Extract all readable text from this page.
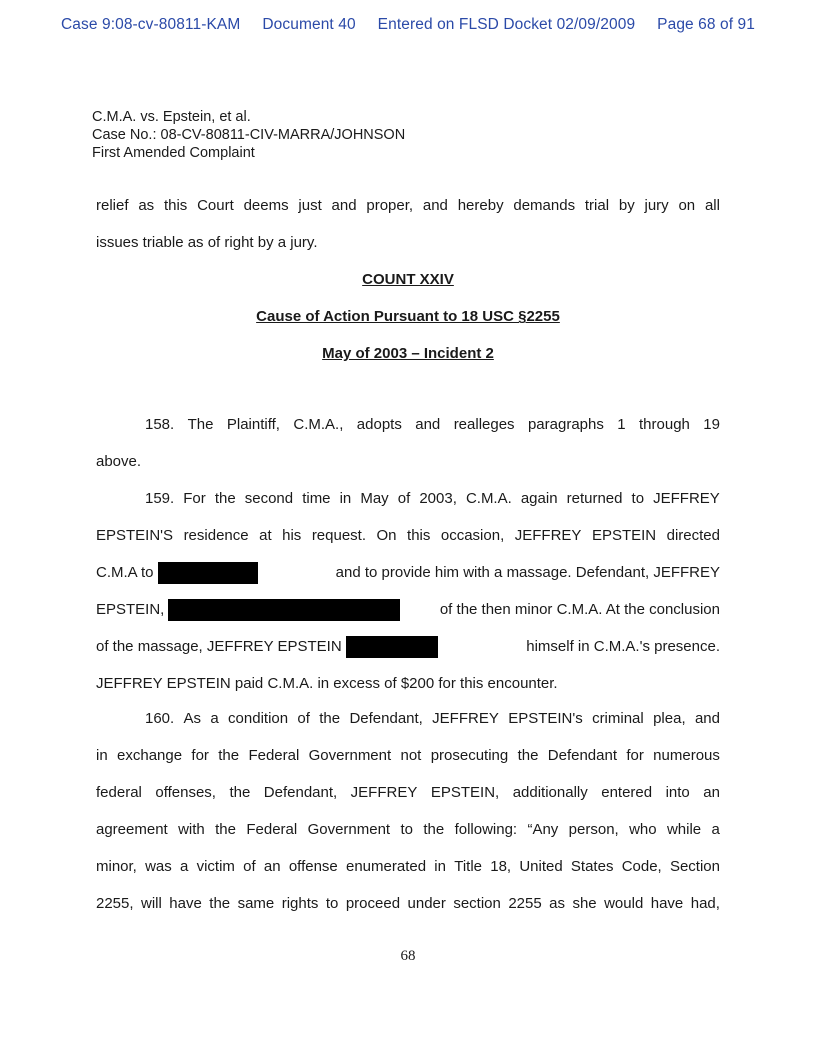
Case 9:08-cv-80811-KAM Document 40 Entered on FLSD Docket 02/09/2009 Page 68 of 91
C.M.A. vs. Epstein, et al.
Case No.: 08-CV-80811-CIV-MARRA/JOHNSON
First Amended Complaint
relief as this Court deems just and proper, and hereby demands trial by jury on all
issues triable as of right by a jury.
COUNT XXIV
Cause of Action Pursuant to 18 USC §2255
May of 2003 – Incident 2
158. The Plaintiff, C.M.A., adopts and realleges paragraphs 1 through 19
above.
159. For the second time in May of 2003, C.M.A. again returned to JEFFREY
EPSTEIN'S residence at his request. On this occasion, JEFFREY EPSTEIN directed
C.M.A to	and to provide him with a massage. Defendant, JEFFREY
EPSTEIN,	of the then minor C.M.A. At the conclusion
of the massage, JEFFREY EPSTEIN	himself in C.M.A.'s presence.
JEFFREY EPSTEIN paid C.M.A. in excess of $200 for this encounter.
160. As a condition of the Defendant, JEFFREY EPSTEIN's criminal plea, and
in exchange for the Federal Government not prosecuting the Defendant for numerous
federal offenses, the Defendant, JEFFREY EPSTEIN, additionally entered into an
agreement with the Federal Government to the following: “Any person, who while a
minor, was a victim of an offense enumerated in Title 18, United States Code, Section
2255, will have the same rights to proceed under section 2255 as she would have had,
68
